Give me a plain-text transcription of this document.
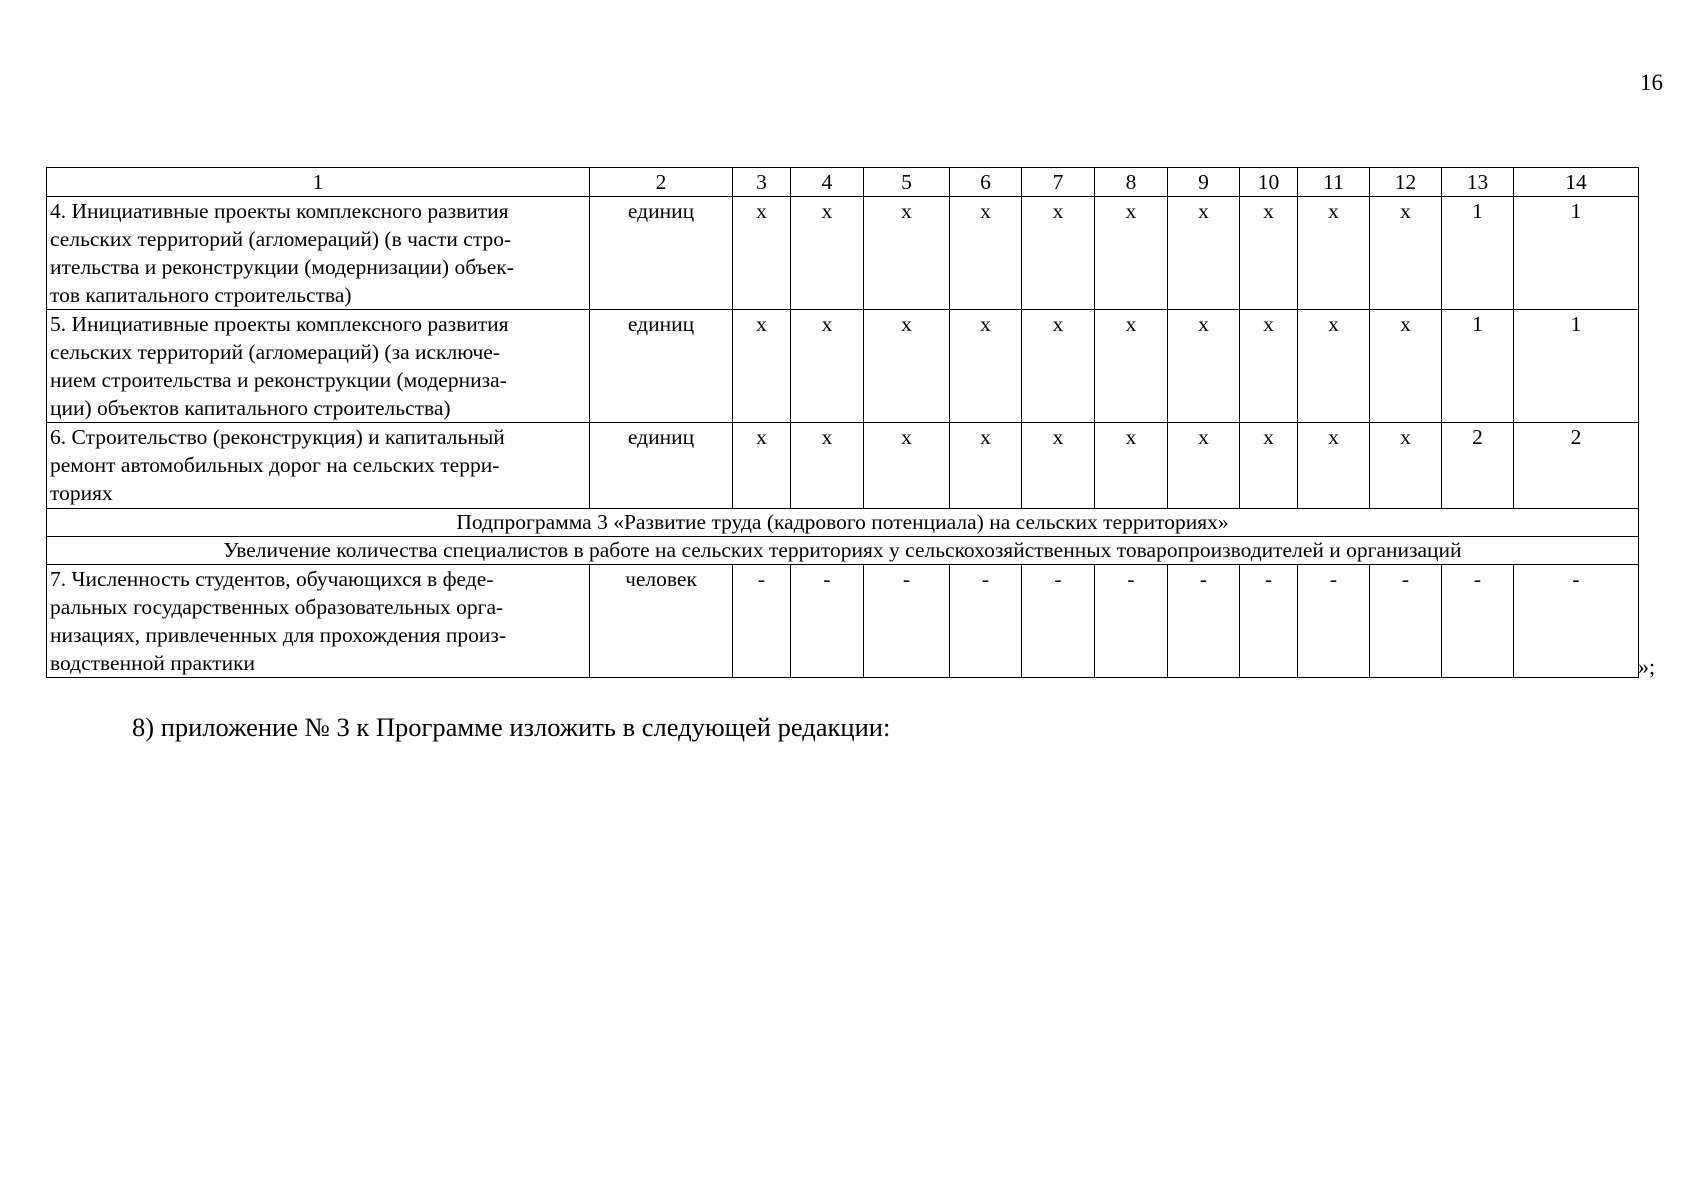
16
1	2	3	4	5	6	7	8	9	10	11	12	13	14

4. Инициативные проекты комплексного развития
сельских территорий (агломераций) (в части стро-
ительства и реконструкции (модернизации) объек-
тов капитального строительства)	единиц	x	x	x	x	x	x	x	x	x	x	1	1

5. Инициативные проекты комплексного развития
сельских территорий (агломераций) (за исключе-
нием строительства и реконструкции (модерниза-
ции) объектов капитального строительства)	единиц	x	x	x	x	x	x	x	x	x	x	1	1

6. Строительство (реконструкция) и капитальный
ремонт автомобильных дорог на сельских терри-
ториях	единиц	x	x	x	x	x	x	x	x	x	x	2	2
Подпрограмма 3 «Развитие труда (кадрового потенциала) на сельских территориях»													
Увеличение количества специалистов в работе на сельских территориях у сельскохозяйственных товаропроизводителей и организаций													

7. Численность студентов, обучающихся в феде-
ральных государственных образовательных орга-
низациях, привлеченных для прохождения произ-
водственной практики	человек	-	-	-	-	-	-	-	-	-	-	-	-
»;
8) приложение № 3 к Программе изложить в следующей редакции:
